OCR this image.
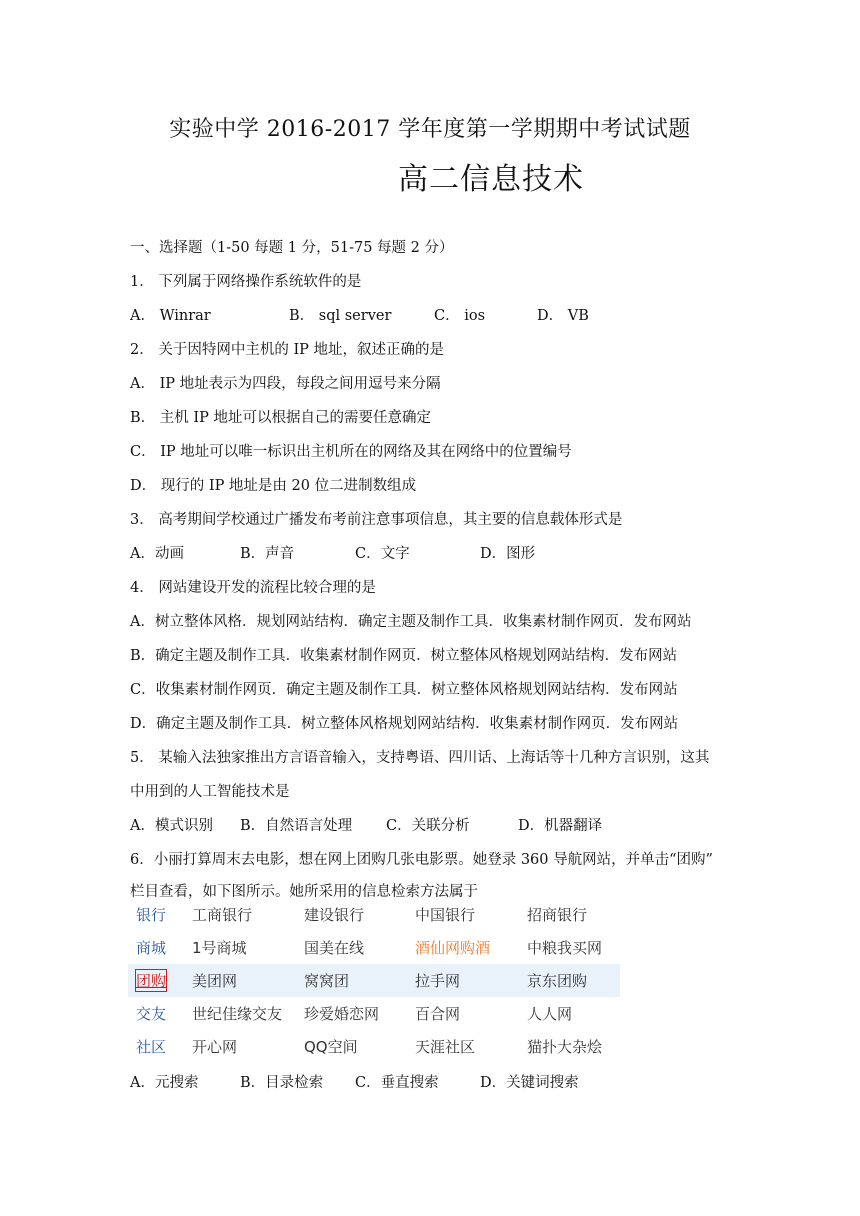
实验中学 2016-2017 学年度第一学期期中考试试题
高二信息技术
一、选择题（1-50 每题 1 分，51-75 每题 2 分）
1． 下列属于网络操作系统软件的是
A． Winrar	B． sql server	C． ios	D． VB
2． 关于因特网中主机的 IP 地址，叙述正确的是
A． IP 地址表示为四段，每段之间用逗号来分隔
B． 主机 IP 地址可以根据自己的需要任意确定
C． IP 地址可以唯一标识出主机所在的网络及其在网络中的位置编号
D． 现行的 IP 地址是由 20 位二进制数组成
3． 高考期间学校通过广播发布考前注意事项信息，其主要的信息载体形式是
A．动画	B．声音	C．文字	D．图形
4． 网站建设开发的流程比较合理的是
A．树立整体风格．规划网站结构．确定主题及制作工具．收集素材制作网页．发布网站
B．确定主题及制作工具．收集素材制作网页．树立整体风格规划网站结构．发布网站
C．收集素材制作网页．确定主题及制作工具．树立整体风格规划网站结构．发布网站
D．确定主题及制作工具．树立整体风格规划网站结构．收集素材制作网页．发布网站
5． 某输入法独家推出方言语音输入，支持粤语、四川话、上海话等十几种方言识别，这其
中用到的人工智能技术是
A．模式识别 B．自然语言处理 C．关联分析	D．机器翻译
6．小丽打算周末去电影，想在网上团购几张电影票。她登录 360 导航网站，并单击“团购”
栏目查看，如下图所示。她所采用的信息检索方法属于
银行 工商银行	建设银行	中国银行	招商银行
商城 1号商城	国美在线	酒仙网购酒 中粮我买网
团购 美团网	窝窝团	拉手网	京东团购
交友 世纪佳缘交友 珍爱婚恋网 百合网	人人网
社区 开心网	QQ空间	天涯社区	猫扑大杂烩
A．元搜索	B．目录检索 C．垂直搜索	D．关键词搜索
